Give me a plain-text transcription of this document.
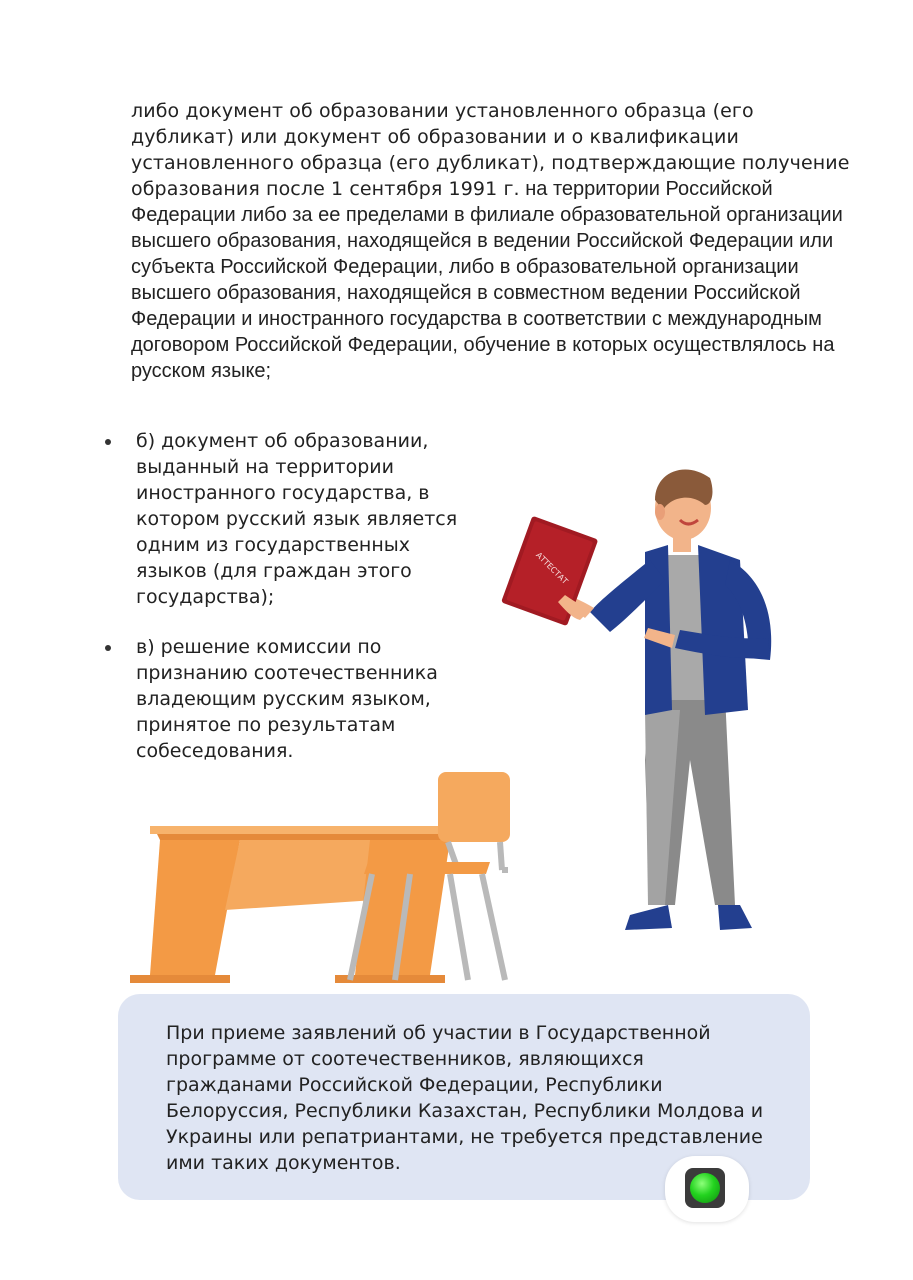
либо документ об образовании установленного образца (его дубликат) или документ об образовании и о квалификации установленного образца (его дубликат), подтверждающие получение образования после 1 сентября 1991 г. на территории Российской Федерации либо за ее пределами в филиале образовательной организации высшего образования, находящейся в ведении Российской Федерации или субъекта Российской Федерации, либо в образовательной организации высшего образования, находящейся в совместном ведении Российской Федерации и иностранного государства в соответствии с международным договором Российской Федерации, обучение в которых осуществлялось на русском языке;

б) документ об образовании, выданный на территории иностранного государства, в котором русский язык является одним из государственных языков (для граждан этого государства);
в) решение комиссии по признанию соотечественника владеющим русским языком, принятое по результатам собеседования.
АТТЕСТАТ

При приеме заявлений об участии в Государственной программе от соотечественников, являющихся гражданами Российской Федерации, Республики Белоруссия, Республики Казахстан, Республики Молдова и Украины или репатриантами, не требуется представление ими таких документов.
